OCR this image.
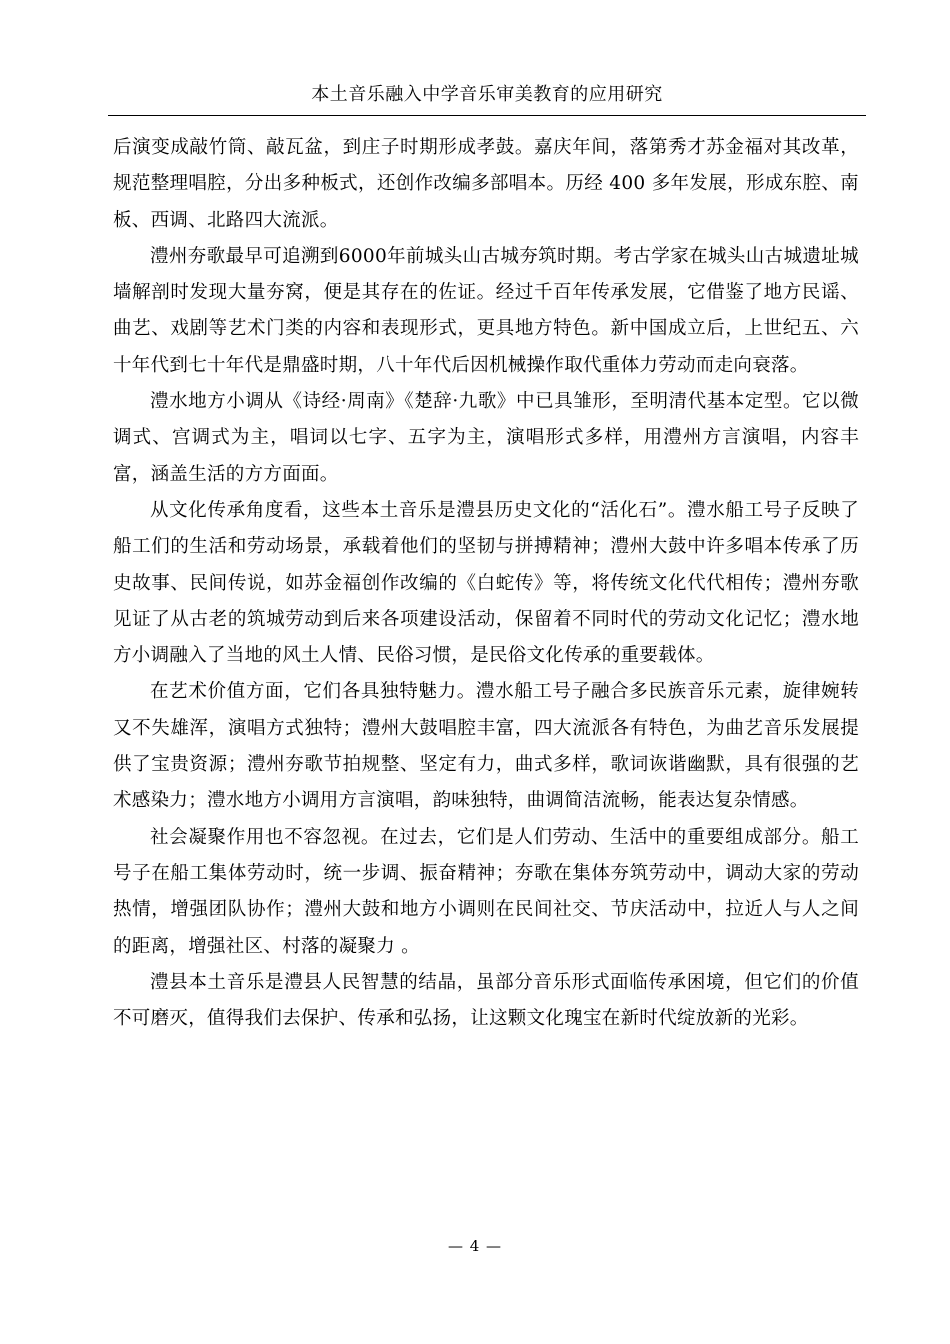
本土音乐融入中学音乐审美教育的应用研究

后演变成敲竹筒、敲瓦盆，到庄子时期形成孝鼓。嘉庆年间，落第秀才苏金福对其改革，规范整理唱腔，分出多种板式，还创作改编多部唱本。历经 400 多年发展，形成东腔、南板、西调、北路四大流派。

澧州夯歌最早可追溯到6000年前城头山古城夯筑时期。考古学家在城头山古城遗址城墙解剖时发现大量夯窝，便是其存在的佐证。经过千百年传承发展，它借鉴了地方民谣、曲艺、戏剧等艺术门类的内容和表现形式，更具地方特色。新中国成立后，上世纪五、六十年代到七十年代是鼎盛时期，八十年代后因机械操作取代重体力劳动而走向衰落。

澧水地方小调从《诗经·周南》《楚辞·九歌》中已具雏形，至明清代基本定型。它以微调式、宫调式为主，唱词以七字、五字为主，演唱形式多样，用澧州方言演唱，内容丰富，涵盖生活的方方面面。

从文化传承角度看，这些本土音乐是澧县历史文化的“活化石”。澧水船工号子反映了船工们的生活和劳动场景，承载着他们的坚韧与拼搏精神；澧州大鼓中许多唱本传承了历史故事、民间传说，如苏金福创作改编的《白蛇传》等，将传统文化代代相传；澧州夯歌见证了从古老的筑城劳动到后来各项建设活动，保留着不同时代的劳动文化记忆；澧水地方小调融入了当地的风土人情、民俗习惯，是民俗文化传承的重要载体。

在艺术价值方面，它们各具独特魅力。澧水船工号子融合多民族音乐元素，旋律婉转又不失雄浑，演唱方式独特；澧州大鼓唱腔丰富，四大流派各有特色，为曲艺音乐发展提供了宝贵资源；澧州夯歌节拍规整、坚定有力，曲式多样，歌词诙谐幽默，具有很强的艺术感染力；澧水地方小调用方言演唱，韵味独特，曲调简洁流畅，能表达复杂情感。

社会凝聚作用也不容忽视。在过去，它们是人们劳动、生活中的重要组成部分。船工号子在船工集体劳动时，统一步调、振奋精神；夯歌在集体夯筑劳动中，调动大家的劳动热情，增强团队协作；澧州大鼓和地方小调则在民间社交、节庆活动中，拉近人与人之间的距离，增强社区、村落的凝聚力 。

澧县本土音乐是澧县人民智慧的结晶，虽部分音乐形式面临传承困境，但它们的价值不可磨灭，值得我们去保护、传承和弘扬，让这颗文化瑰宝在新时代绽放新的光彩。

— 4 —
